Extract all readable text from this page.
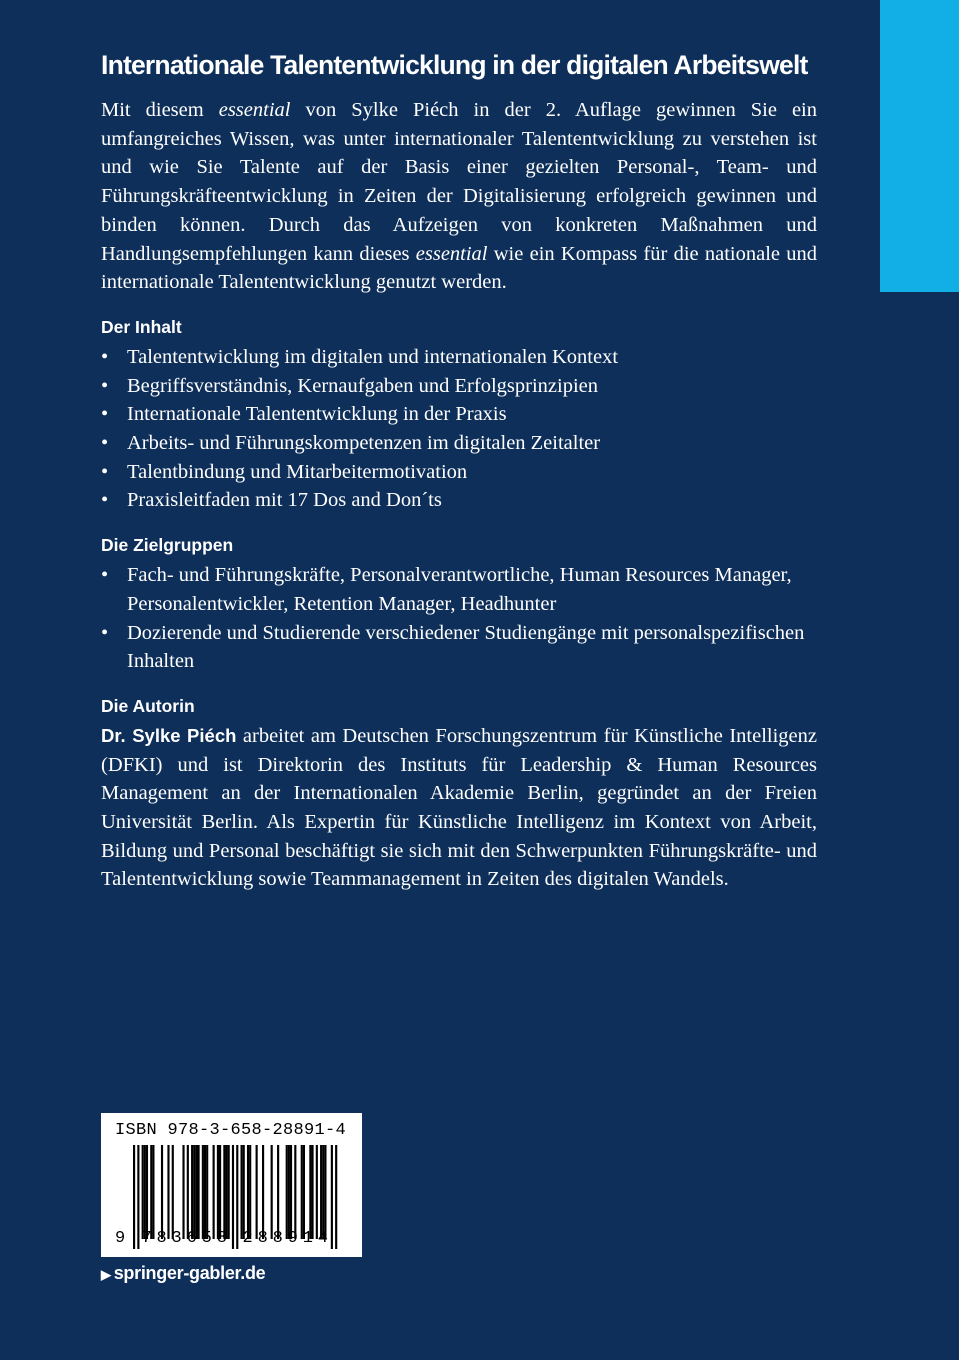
Internationale Talententwicklung in der digitalen Arbeitswelt

Mit diesem essential von Sylke Piéch in der 2. Auflage gewinnen Sie ein umfangreiches Wissen, was unter internationaler Talententwicklung zu verstehen ist und wie Sie Talente auf der Basis einer gezielten Personal-, Team- und Führungskräfteentwicklung in Zeiten der Digitalisierung erfolgreich gewinnen und binden können. Durch das Aufzeigen von konkreten Maßnahmen und Handlungsempfehlungen kann dieses essential wie ein Kompass für die nationale und internationale Talententwicklung genutzt werden.

Der Inhalt
• Talententwicklung im digitalen und internationalen Kontext
• Begriffsverständnis, Kernaufgaben und Erfolgsprinzipien
• Internationale Talententwicklung in der Praxis
• Arbeits- und Führungskompetenzen im digitalen Zeitalter
• Talentbindung und Mitarbeitermotivation
• Praxisleitfaden mit 17 Dos and Don´ts
Die Zielgruppen
• Fach- und Führungskräfte, Personalverantwortliche, Human Resources Manager, Personalentwickler, Retention Manager, Headhunter
• Dozierende und Studierende verschiedener Studiengänge mit personalspezifischen Inhalten
Die Autorin

Dr. Sylke Piéch arbeitet am Deutschen Forschungszentrum für Künstliche Intelligenz (DFKI) und ist Direktorin des Instituts für Leadership & Human Resources Management an der Internationalen Akademie Berlin, gegründet an der Freien Universität Berlin. Als Expertin für Künstliche Intelligenz im Kontext von Arbeit, Bildung und Personal beschäftigt sie sich mit den Schwerpunkten Führungskräfte- und Talententwicklung sowie Teammanagement in Zeiten des digitalen Wandels.

ISBN 978-3-658-28891-4
9 7 8 3 6 5 8 2 8 8 9 1 4
▶ springer-gabler.de
